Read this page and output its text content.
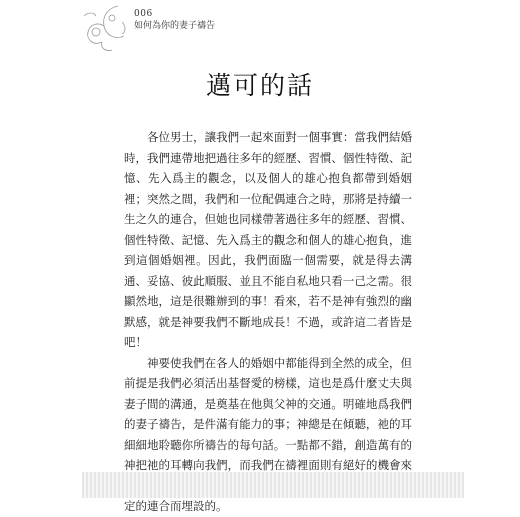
006
如何為你的妻子禱告
邁可的話

各位男士，讓我們一起來面對一個事實：當我們結婚時，我們連帶地把過往多年的經歷、習慣、個性特徵、記憶、先入爲主的觀念，以及個人的雄心抱負都帶到婚姻裡；突然之間，我們和一位配偶連合之時，那將是持續一生之久的連合，但她也同樣帶著過往多年的經歷、習慣、個性特徵、記憶、先入爲主的觀念和個人的雄心抱負，進到這個婚姻裡。因此，我們面臨一個需要，就是得去溝通、妥協、彼此順服、並且不能自私地只看一己之需。很顯然地，這是很難辦到的事！看來，若不是神有強烈的幽默感，就是神要我們不斷地成長！不過，或許這二者皆是吧！

神要使我們在各人的婚姻中都能得到全然的成全，但前提是我們必須活出基督愛的榜樣，這也是爲什麼丈夫與妻子間的溝通，是奠基在他與父神的交通。明確地爲我們的妻子禱告，是件滿有能力的事；神總是在傾聽，祂的耳細細地聆聽你所禱告的每句話。一點都不錯，創造萬有的神把祂的耳轉向我們，而我們在禱裡面則有絕好的機會來 定的連合而埋設的。
